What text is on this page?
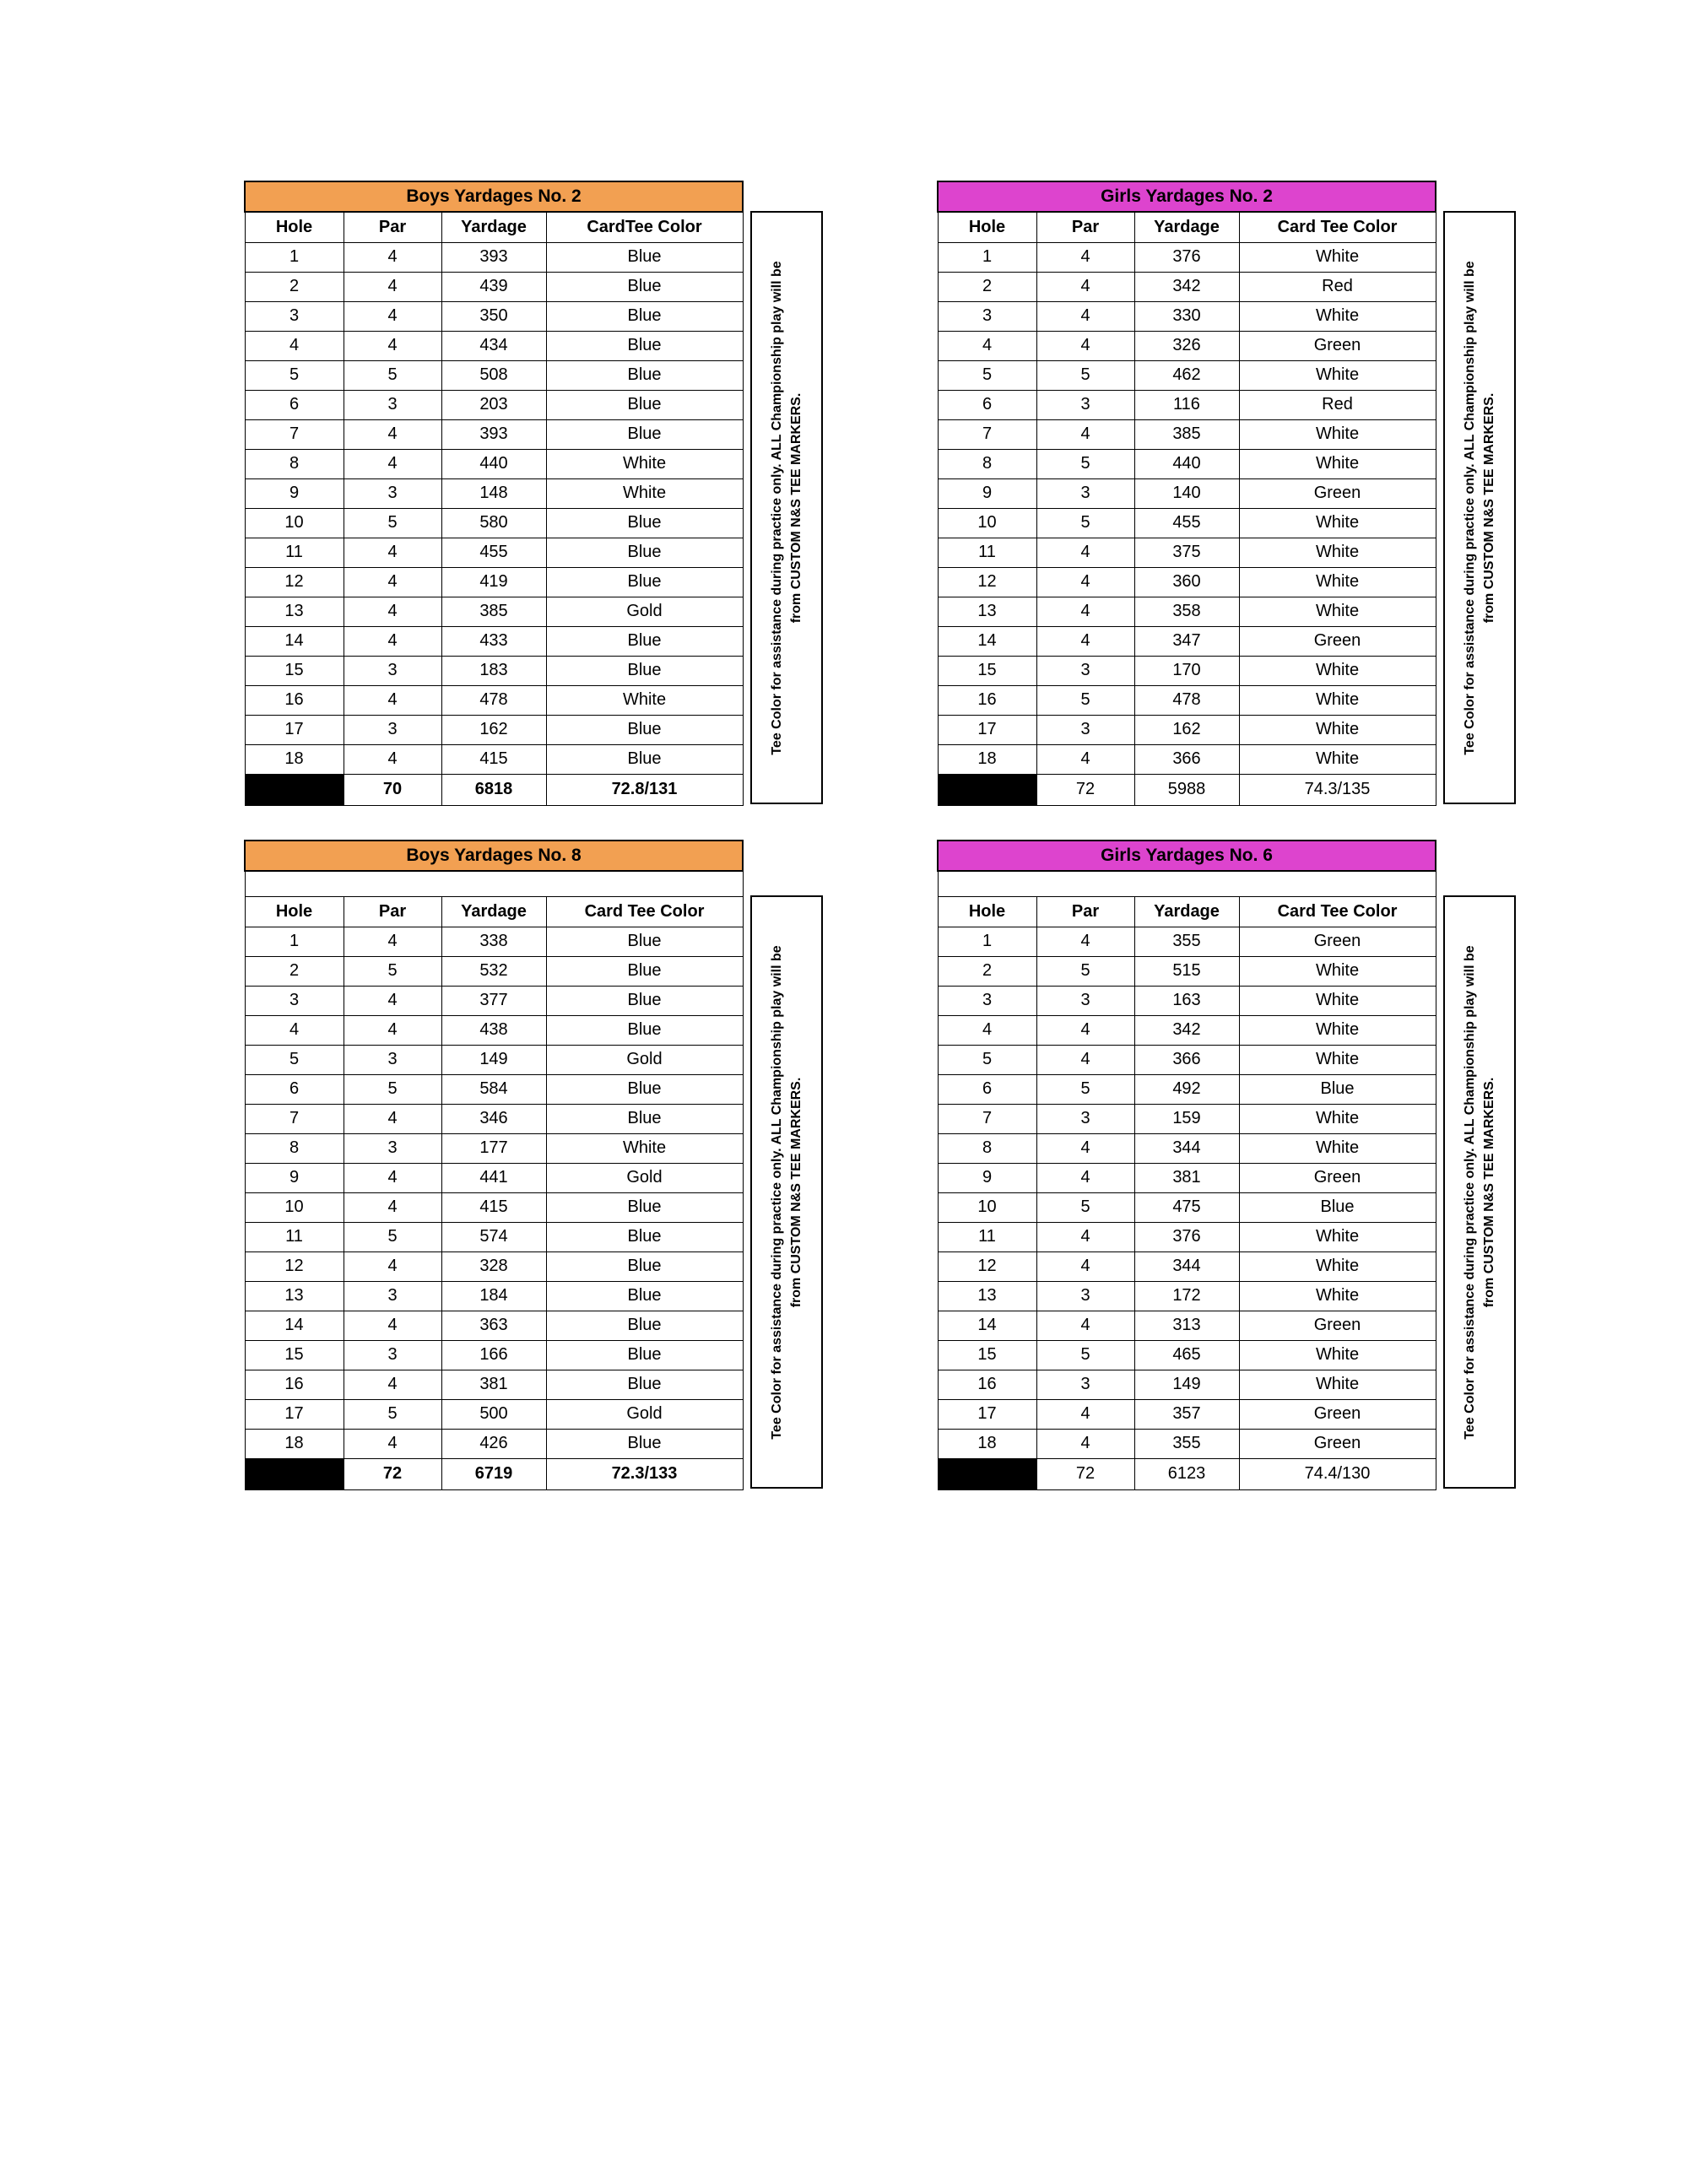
Boys Yardages No. 2			
Hole	Par	Yardage	CardTee Color
1	4	393	Blue
2	4	439	Blue
3	4	350	Blue
4	4	434	Blue
5	5	508	Blue
6	3	203	Blue
7	4	393	Blue
8	4	440	White
9	3	148	White
10	5	580	Blue
11	4	455	Blue
12	4	419	Blue
13	4	385	Gold
14	4	433	Blue
15	3	183	Blue
16	4	478	White
17	3	162	Blue
18	4	415	Blue
	70	6818	72.8/131
Tee Color for assistance during practice only. ALL Championship play will be from CUSTOM N&S TEE MARKERS.
Girls Yardages No. 2			
Hole	Par	Yardage	Card Tee Color
1	4	376	White
2	4	342	Red
3	4	330	White
4	4	326	Green
5	5	462	White
6	3	116	Red
7	4	385	White
8	5	440	White
9	3	140	Green
10	5	455	White
11	4	375	White
12	4	360	White
13	4	358	White
14	4	347	Green
15	3	170	White
16	5	478	White
17	3	162	White
18	4	366	White
	72	5988	74.3/135
Tee Color for assistance during practice only. ALL Championship play will be from CUSTOM N&S TEE MARKERS.
Boys Yardages No. 8			

Hole	Par	Yardage	Card Tee Color
1	4	338	Blue
2	5	532	Blue
3	4	377	Blue
4	4	438	Blue
5	3	149	Gold
6	5	584	Blue
7	4	346	Blue
8	3	177	White
9	4	441	Gold
10	4	415	Blue
11	5	574	Blue
12	4	328	Blue
13	3	184	Blue
14	4	363	Blue
15	3	166	Blue
16	4	381	Blue
17	5	500	Gold
18	4	426	Blue
	72	6719	72.3/133
Tee Color for assistance during practice only. ALL Championship play will be from CUSTOM N&S TEE MARKERS.
Girls Yardages No. 6			

Hole	Par	Yardage	Card Tee Color
1	4	355	Green
2	5	515	White
3	3	163	White
4	4	342	White
5	4	366	White
6	5	492	Blue
7	3	159	White
8	4	344	White
9	4	381	Green
10	5	475	Blue
11	4	376	White
12	4	344	White
13	3	172	White
14	4	313	Green
15	5	465	White
16	3	149	White
17	4	357	Green
18	4	355	Green
	72	6123	74.4/130
Tee Color for assistance during practice only. ALL Championship play will be from CUSTOM N&S TEE MARKERS.
